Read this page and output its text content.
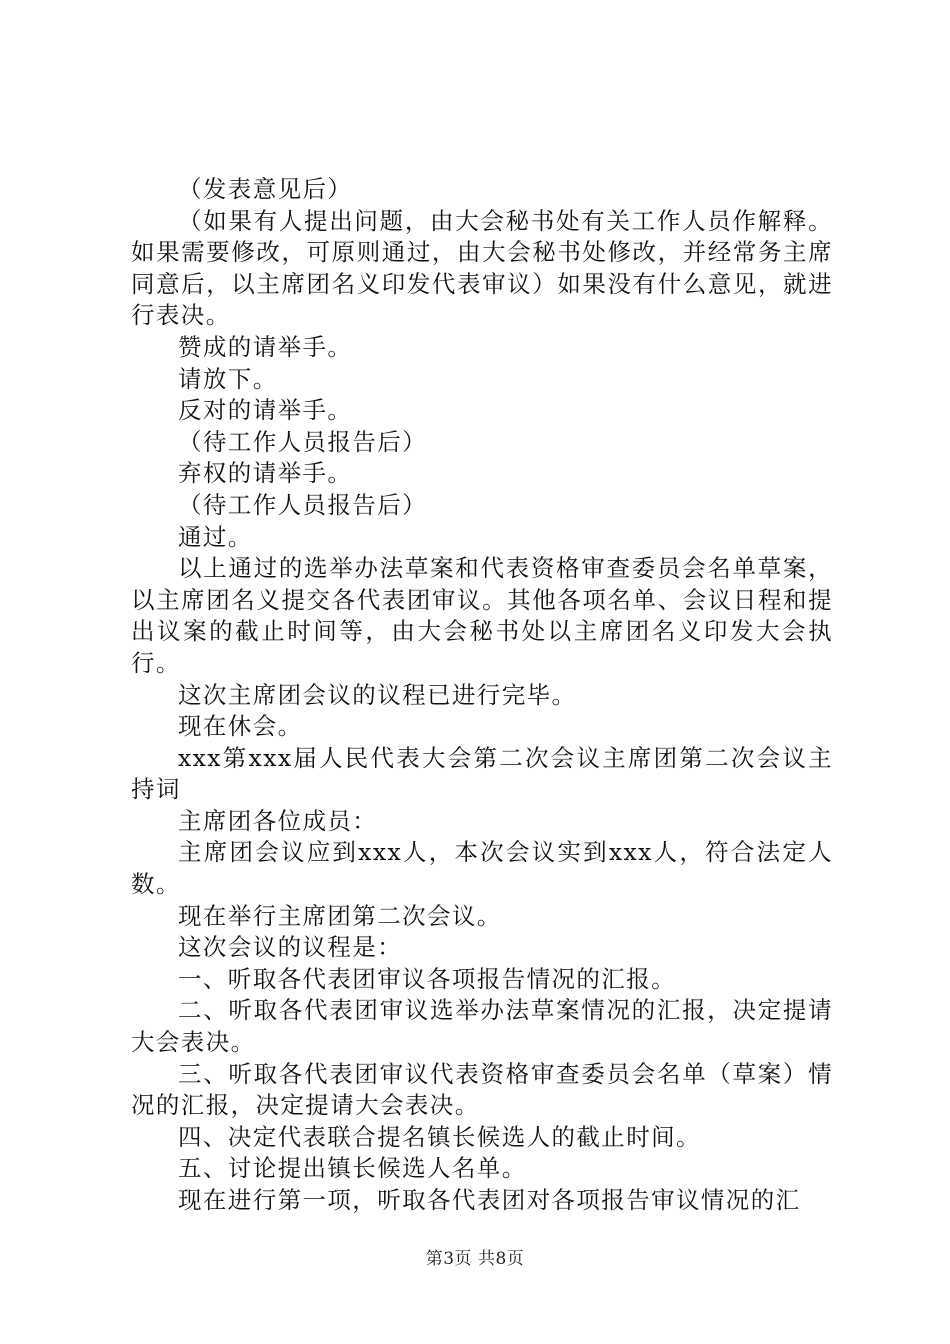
（发表意见后）

（如果有人提出问题，由大会秘书处有关工作人员作解释。如果需要修改，可原则通过，由大会秘书处修改，并经常务主席同意后，以主席团名义印发代表审议）如果没有什么意见，就进行表决。

赞成的请举手。

请放下。

反对的请举手。

（待工作人员报告后）

弃权的请举手。

（待工作人员报告后）

通过。

以上通过的选举办法草案和代表资格审查委员会名单草案，以主席团名义提交各代表团审议。其他各项名单、会议日程和提出议案的截止时间等，由大会秘书处以主席团名义印发大会执行。

这次主席团会议的议程已进行完毕。

现在休会。

xxx第xxx届人民代表大会第二次会议主席团第二次会议主持词

主席团各位成员：

主席团会议应到xxx人，本次会议实到xxx人，符合法定人数。

现在举行主席团第二次会议。

这次会议的议程是：

一、听取各代表团审议各项报告情况的汇报。

二、听取各代表团审议选举办法草案情况的汇报，决定提请大会表决。

三、听取各代表团审议代表资格审查委员会名单（草案）情况的汇报，决定提请大会表决。

四、决定代表联合提名镇长候选人的截止时间。

五、讨论提出镇长候选人名单。

现在进行第一项，听取各代表团对各项报告审议情况的汇

第3页 共8页
